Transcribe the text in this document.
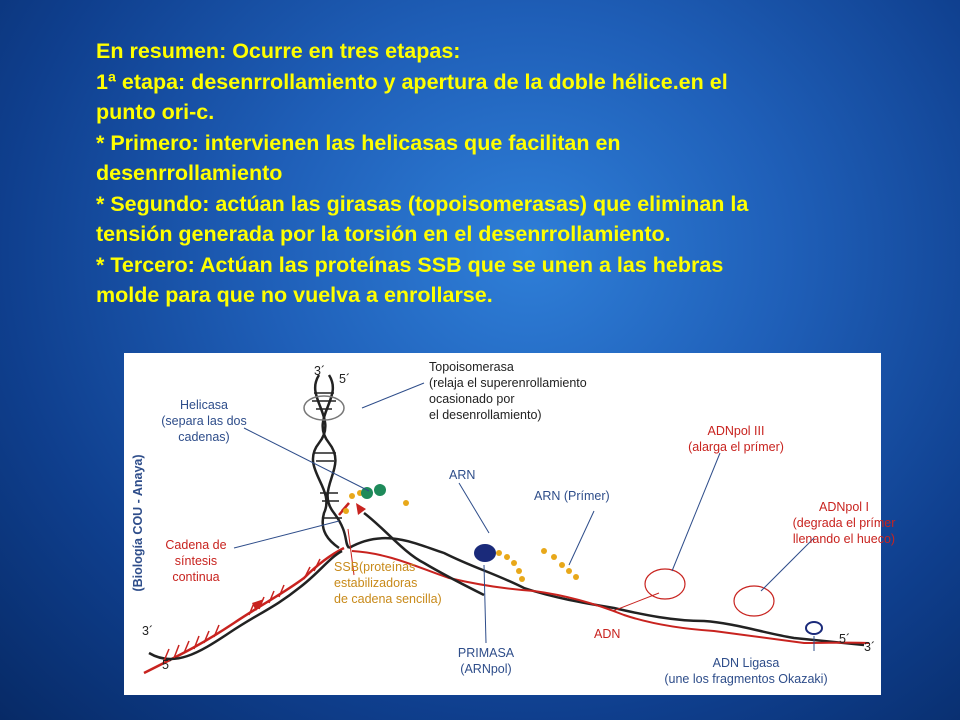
En resumen: Ocurre en tres etapas:
1ª etapa: desenrrollamiento y apertura de la doble hélice.en el
punto ori-c.
* Primero: intervienen las helicasas que facilitan en
desenrrollamiento
* Segundo: actúan las girasas (topoisomerasas) que eliminan la
tensión generada por la torsión en el desenrrollamiento.
* Tercero: Actúan las proteínas SSB que se unen a las hebras
molde para que no vuelva a enrollarse.
(Biología COU - Anaya)
3´
5´
3´
5´
5´
3´
Topoisomerasa
(relaja el superenrollamiento
ocasionado por
el desenrollamiento)
Helicasa
(separa las dos
cadenas)
Cadena de
síntesis
continua
SSB(proteínas
estabilizadoras
de cadena sencilla)
ARN
ARN (Prímer)
PRIMASA
(ARNpol)
ADNpol III
(alarga el prímer)
ADNpol I
(degrada el prímer
llenando el hueco)
ADN
ADN Ligasa
(une los fragmentos Okazaki)
